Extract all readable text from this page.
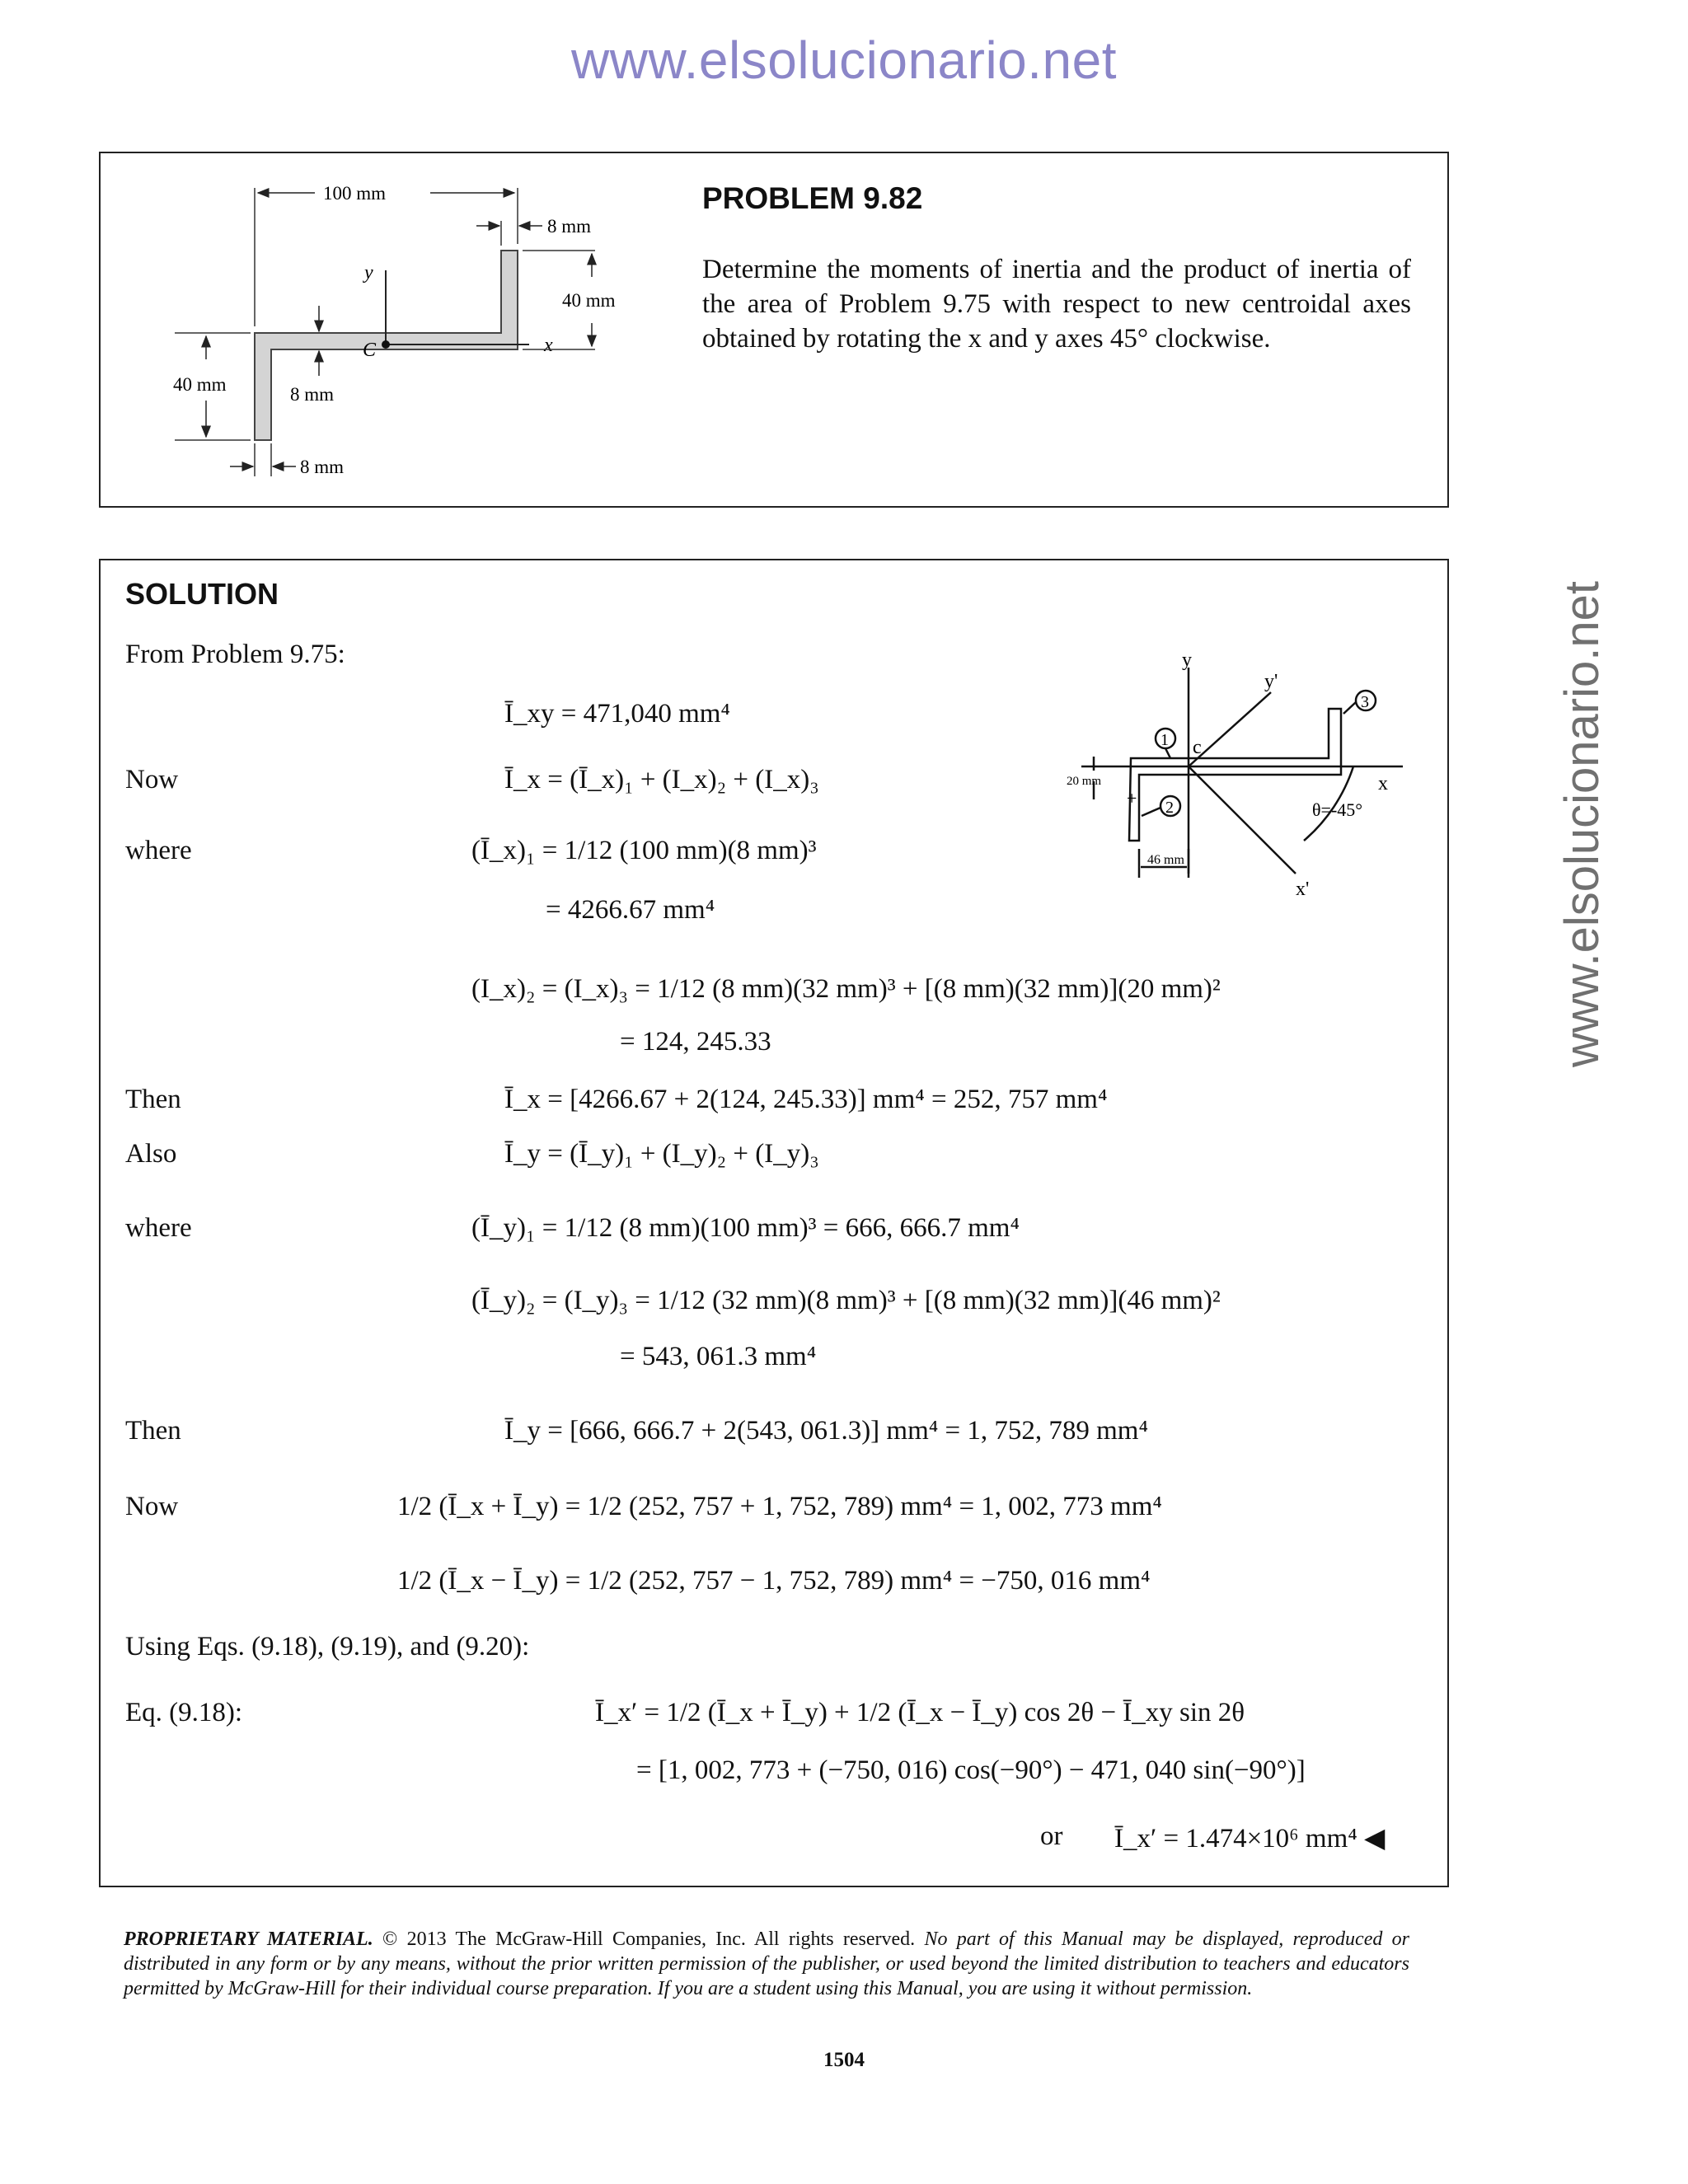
www.elsolucionario.net
www.elsolucionario.net
y
x
C
100 mm
8 mm
40 mm
40 mm	8 mm
8 mm
PROBLEM 9.82
Determine the moments of inertia and the product of inertia of the area of Problem 9.75 with respect to new centroidal axes obtained by rotating the x and y axes 45° clockwise.
SOLUTION
From Problem 9.75:
Ī_xy = 471,040 mm⁴
Now	Ī_x = (Ī_x)₁ + (I_x)₂ + (I_x)₃
where	(Ī_x)₁ = 1/12 (100 mm)(8 mm)³
= 4266.67 mm⁴
(I_x)₂ = (I_x)₃ = 1/12 (8 mm)(32 mm)³ + [(8 mm)(32 mm)](20 mm)²
= 124, 245.33
Then	Ī_x = [4266.67 + 2(124, 245.33)] mm⁴ = 252, 757 mm⁴
Also	Ī_y = (Ī_y)₁ + (I_y)₂ + (I_y)₃
where	(Ī_y)₁ = 1/12 (8 mm)(100 mm)³ = 666, 666.7 mm⁴
(Ī_y)₂ = (I_y)₃ = 1/12 (32 mm)(8 mm)³ + [(8 mm)(32 mm)](46 mm)²
= 543, 061.3 mm⁴
Then	Ī_y = [666, 666.7 + 2(543, 061.3)] mm⁴ = 1, 752, 789 mm⁴
Now	1/2 (Ī_x + Ī_y) = 1/2 (252, 757 + 1, 752, 789) mm⁴ = 1, 002, 773 mm⁴
1/2 (Ī_x − Ī_y) = 1/2 (252, 757 − 1, 752, 789) mm⁴ = −750, 016 mm⁴
Using Eqs. (9.18), (9.19), and (9.20):
Eq. (9.18):	Ī_x′ = 1/2 (Ī_x + Ī_y) + 1/2 (Ī_x − Ī_y) cos 2θ − Ī_xy sin 2θ
= [1, 002, 773 + (−750, 016) cos(−90°) − 471, 040 sin(−90°)]
or Ī_x′ = 1.474×10⁶ mm⁴ ◀
y
y'
x
x'
c
1
2
3
+
20 mm
46 mm
θ=-45°
PROPRIETARY MATERIAL. © 2013 The McGraw-Hill Companies, Inc. All rights reserved. No part of this Manual may be displayed, reproduced or distributed in any form or by any means, without the prior written permission of the publisher, or used beyond the limited distribution to teachers and educators permitted by McGraw-Hill for their individual course preparation. If you are a student using this Manual, you are using it without permission.
1504
